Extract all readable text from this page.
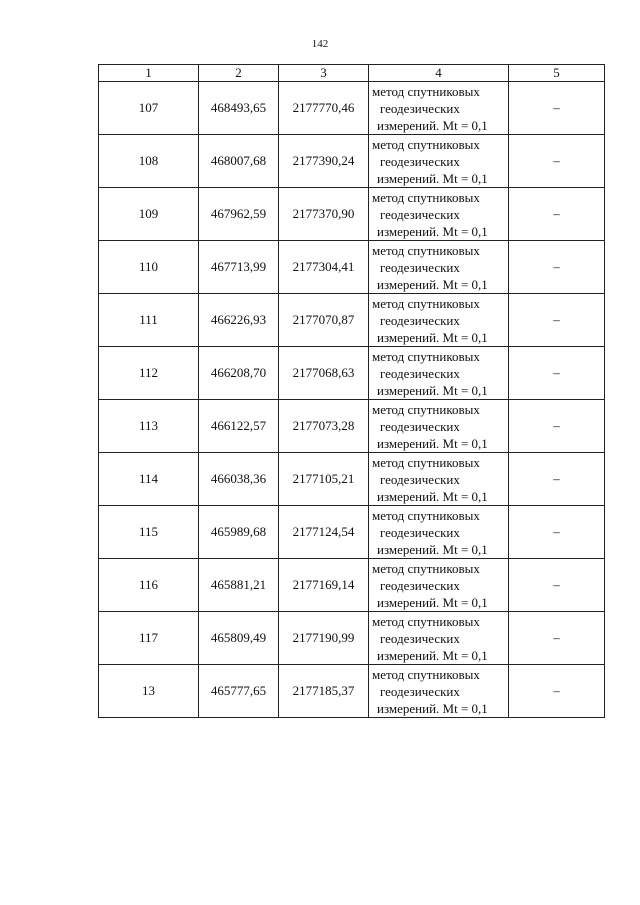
142
1	2	3	4	5
107	468493,65	2177770,46	метод спутниковых
геодезических
измерений. Mt = 0,1	–
108	468007,68	2177390,24	метод спутниковых
геодезических
измерений. Mt = 0,1	–
109	467962,59	2177370,90	метод спутниковых
геодезических
измерений. Mt = 0,1	–
110	467713,99	2177304,41	метод спутниковых
геодезических
измерений. Mt = 0,1	–
111	466226,93	2177070,87	метод спутниковых
геодезических
измерений. Mt = 0,1	–
112	466208,70	2177068,63	метод спутниковых
геодезических
измерений. Mt = 0,1	–
113	466122,57	2177073,28	метод спутниковых
геодезических
измерений. Mt = 0,1	–
114	466038,36	2177105,21	метод спутниковых
геодезических
измерений. Mt = 0,1	–
115	465989,68	2177124,54	метод спутниковых
геодезических
измерений. Mt = 0,1	–
116	465881,21	2177169,14	метод спутниковых
геодезических
измерений. Mt = 0,1	–
117	465809,49	2177190,99	метод спутниковых
геодезических
измерений. Mt = 0,1	–
13	465777,65	2177185,37	метод спутниковых
геодезических
измерений. Mt = 0,1	–
